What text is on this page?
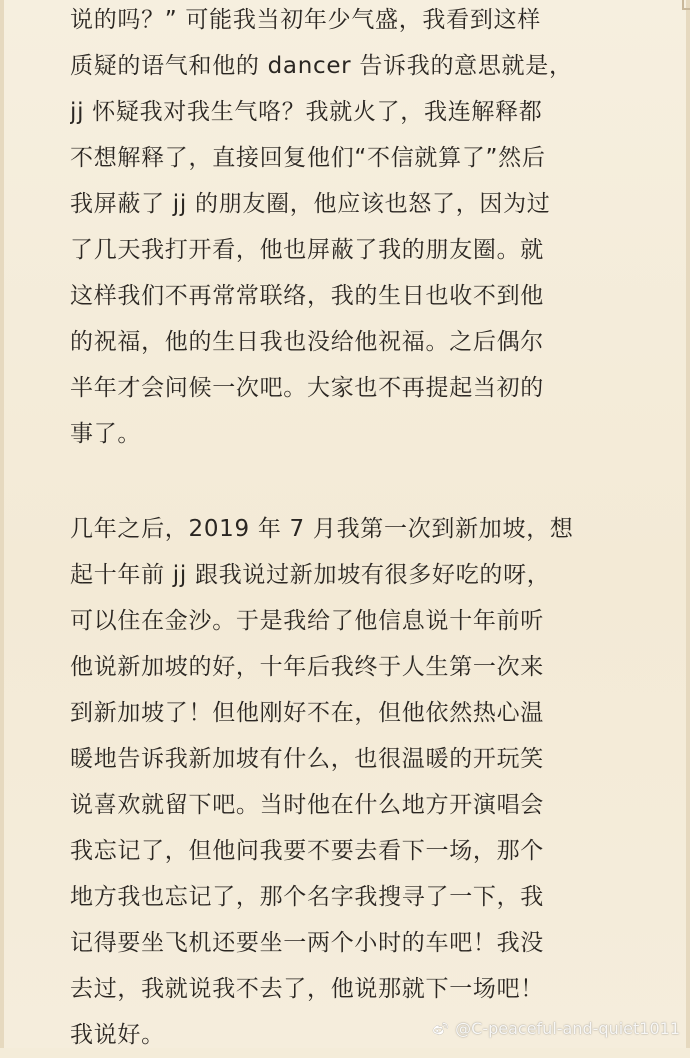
说的吗？” 可能我当初年少气盛，我看到这样
质疑的语气和他的 dancer 告诉我的意思就是，
jj 怀疑我对我生气咯？我就火了，我连解释都
不想解释了，直接回复他们“不信就算了”然后
我屏蔽了 jj 的朋友圈，他应该也怒了，因为过
了几天我打开看，他也屏蔽了我的朋友圈。就
这样我们不再常常联络，我的生日也收不到他
的祝福，他的生日我也没给他祝福。之后偶尔
半年才会问候一次吧。大家也不再提起当初的
事了。
几年之后，2019 年 7 月我第一次到新加坡，想
起十年前 jj 跟我说过新加坡有很多好吃的呀，
可以住在金沙。于是我给了他信息说十年前听
他说新加坡的好，十年后我终于人生第一次来
到新加坡了！但他刚好不在，但他依然热心温
暖地告诉我新加坡有什么，也很温暖的开玩笑
说喜欢就留下吧。当时他在什么地方开演唱会
我忘记了，但他问我要不要去看下一场，那个
地方我也忘记了，那个名字我搜寻了一下，我
记得要坐飞机还要坐一两个小时的车吧！我没
去过，我就说我不去了，他说那就下一场吧！
我说好。	@C-peaceful-and-quiet1011
